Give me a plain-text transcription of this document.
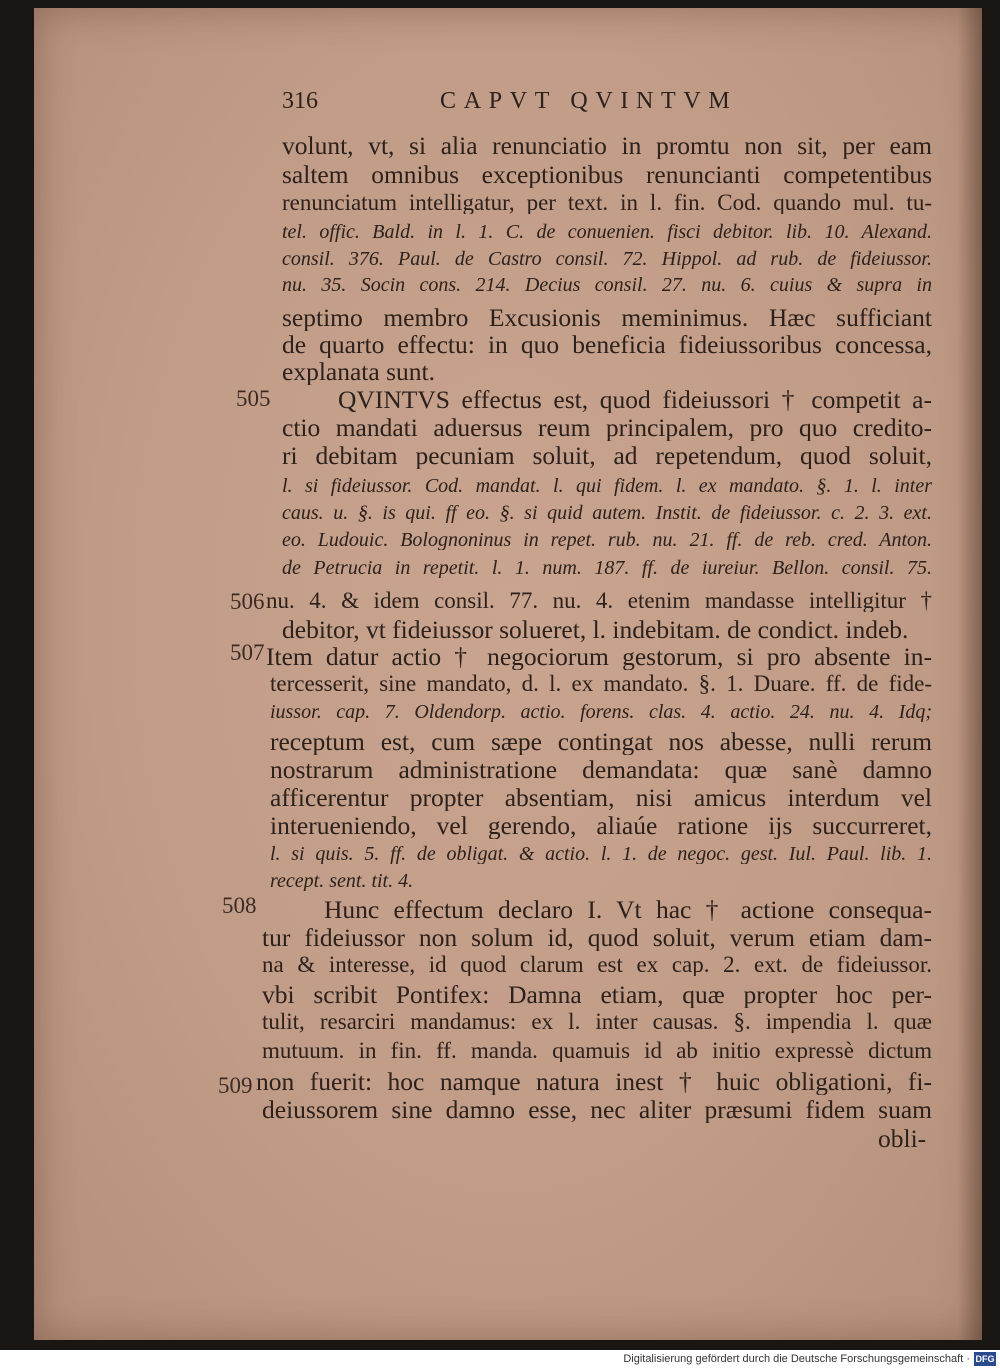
316	CAPVT QVINTVM
505
506
507
508
509
volunt, vt, si alia renunciatio in promtu non sit, per eam
saltem omnibus exceptionibus renuncianti competentibus
renunciatum intelligatur, per text. in l. fin. Cod. quando mul. tu-
tel. offic. Bald. in l. 1. C. de conuenien. fisci debitor. lib. 10. Alexand.
consil. 376. Paul. de Castro consil. 72. Hippol. ad rub. de fideiussor.
nu. 35. Socin cons. 214. Decius consil. 27. nu. 6. cuius & supra in
septimo membro Excusionis meminimus. Hæc sufficiant
de quarto effectu: in quo beneficia fideiussoribus concessa,
explanata sunt.
QVINTVS effectus est, quod fideiussori † competit a-
ctio mandati aduersus reum principalem, pro quo credito-
ri debitam pecuniam soluit, ad repetendum, quod soluit,
l. si fideiussor. Cod. mandat. l. qui fidem. l. ex mandato. §. 1. l. inter
caus. u. §. is qui. ff eo. §. si quid autem. Instit. de fideiussor. c. 2. 3. ext.
eo. Ludouic. Bolognoninus in repet. rub. nu. 21. ff. de reb. cred. Anton.
de Petrucia in repetit. l. 1. num. 187. ff. de iureiur. Bellon. consil. 75.
nu. 4. & idem consil. 77. nu. 4. etenim mandasse intelligitur †
debitor, vt fideiussor solueret, l. indebitam. de condict. indeb.
Item datur actio † negociorum gestorum, si pro absente in-
tercesserit, sine mandato, d. l. ex mandato. §. 1. Duare. ff. de fide-
iussor. cap. 7. Oldendorp. actio. forens. clas. 4. actio. 24. nu. 4. Idq;
receptum est, cum sæpe contingat nos abesse, nulli rerum
nostrarum administratione demandata: quæ sanè damno
afficerentur propter absentiam, nisi amicus interdum vel
interueniendo, vel gerendo, aliaúe ratione ijs succurreret,
l. si quis. 5. ff. de obligat. & actio. l. 1. de negoc. gest. Iul. Paul. lib. 1.
recept. sent. tit. 4.
Hunc effectum declaro I. Vt hac † actione consequa-
tur fideiussor non solum id, quod soluit, verum etiam dam-
na & interesse, id quod clarum est ex cap. 2. ext. de fideiussor.
vbi scribit Pontifex: Damna etiam, quæ propter hoc per-
tulit, resarciri mandamus: ex l. inter causas. §. impendia l. quæ
mutuum. in fin. ff. manda. quamuis id ab initio expressè dictum
non fuerit: hoc namque natura inest † huic obligationi, fi-
deiussorem sine damno esse, nec aliter præsumi fidem suam
obli-
Digitalisierung gefördert durch die Deutsche Forschungsgemeinschaft · DFG
